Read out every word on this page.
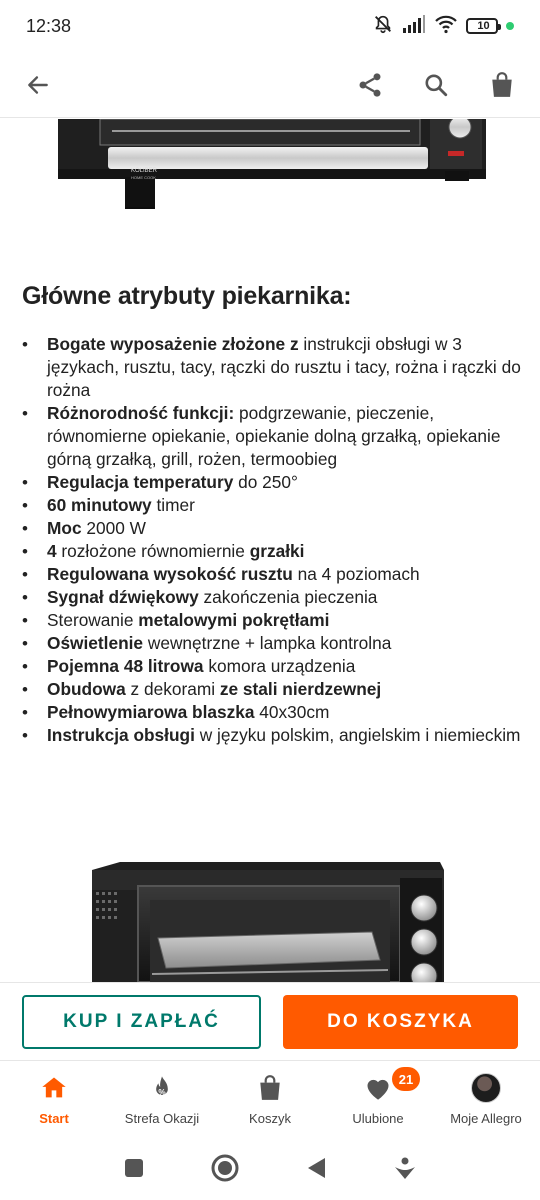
12:38	10
KOLIBER
HOME COOK
Główne atrybuty piekarnika:
• Bogate wyposażenie złożone z instrukcji obsługi w 3 językach, rusztu, tacy, rączki do rusztu i tacy, rożna i rączki do rożna
• Różnorodność funkcji: podgrzewanie, pieczenie, równomierne opiekanie, opiekanie dolną grzałką, opiekanie górną grzałką, grill, rożen, termoobieg
• Regulacja temperatury do 250°
• 60 minutowy timer
• Moc 2000 W
• 4 rozłożone równomiernie grzałki
• Regulowana wysokość rusztu na 4 poziomach
• Sygnał dźwiękowy zakończenia pieczenia
• Sterowanie metalowymi pokrętłami
• Oświetlenie wewnętrzne + lampka kontrolna
• Pojemna 48 litrowa komora urządzenia
• Obudowa z dekorami ze stali nierdzewnej
• Pełnowymiarowa blaszka 40x30cm
• Instrukcja obsługi w języku polskim, angielskim i niemieckim
KUP I ZAPŁAĆ	DO KOSZYKA
Start
%
Strefa Okazji	Koszyk
21
Ulubione	Moje Allegro
